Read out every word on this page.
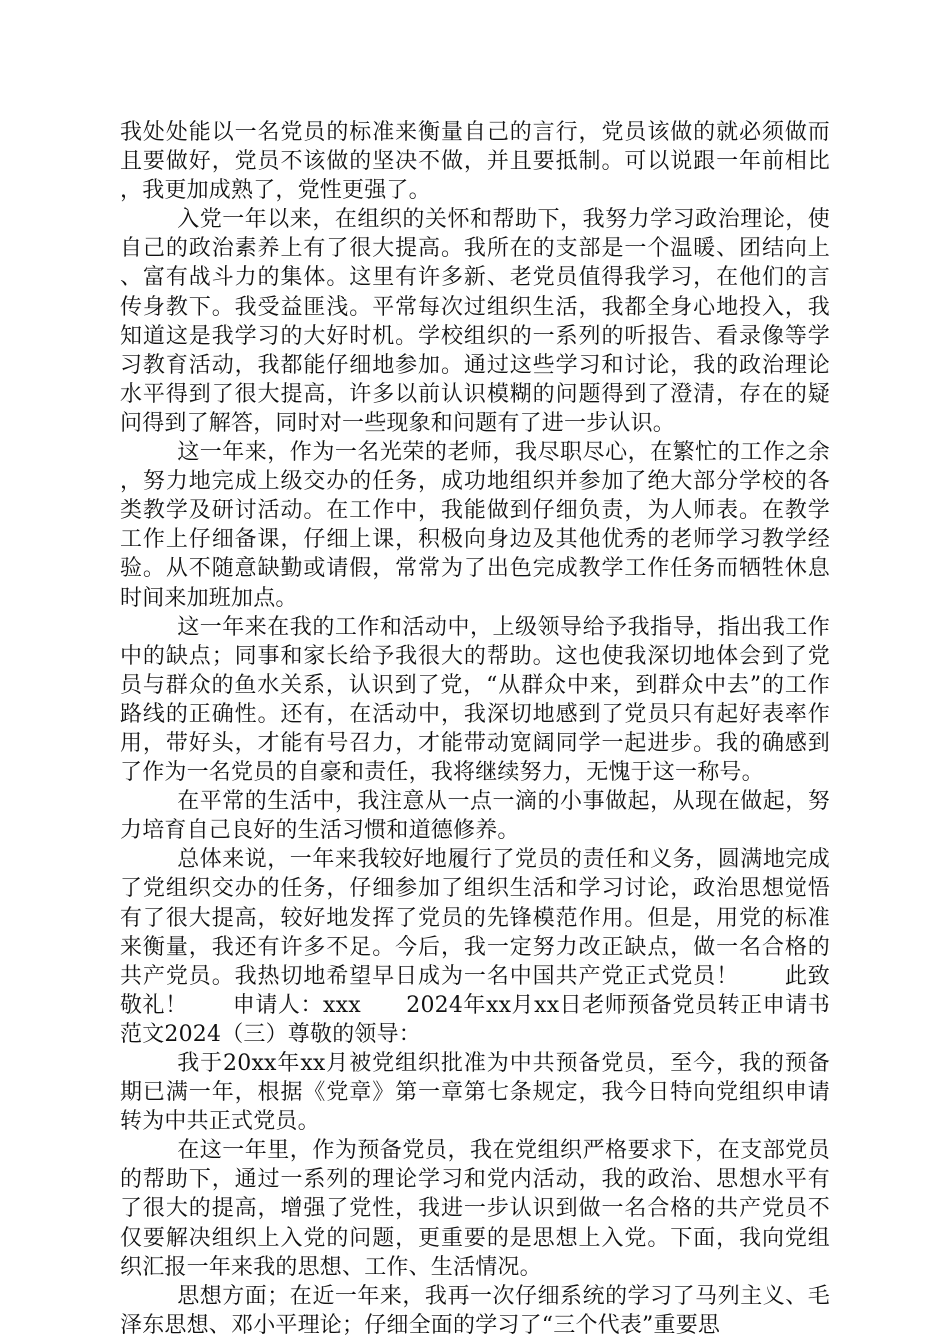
我处处能以一名党员的标准来衡量自己的言行，党员该做的就必须做而且要做好，党员不该做的坚决不做，并且要抵制。可以说跟一年前相比，我更加成熟了，党性更强了。

入党一年以来，在组织的关怀和帮助下，我努力学习政治理论，使自己的政治素养上有了很大提高。我所在的支部是一个温暖、团结向上、富有战斗力的集体。这里有许多新、老党员值得我学习，在他们的言传身教下。我受益匪浅。平常每次过组织生活，我都全身心地投入，我知道这是我学习的大好时机。学校组织的一系列的听报告、看录像等学习教育活动，我都能仔细地参加。通过这些学习和讨论，我的政治理论水平得到了很大提高，许多以前认识模糊的问题得到了澄清，存在的疑问得到了解答，同时对一些现象和问题有了进一步认识。

这一年来，作为一名光荣的老师，我尽职尽心，在繁忙的工作之余，努力地完成上级交办的任务，成功地组织并参加了绝大部分学校的各类教学及研讨活动。在工作中，我能做到仔细负责，为人师表。在教学工作上仔细备课，仔细上课，积极向身边及其他优秀的老师学习教学经验。从不随意缺勤或请假，常常为了出色完成教学工作任务而牺牲休息时间来加班加点。

这一年来在我的工作和活动中，上级领导给予我指导，指出我工作中的缺点；同事和家长给予我很大的帮助。这也使我深切地体会到了党员与群众的鱼水关系，认识到了党，“从群众中来，到群众中去”的工作路线的正确性。还有，在活动中，我深切地感到了党员只有起好表率作用，带好头，才能有号召力，才能带动宽阔同学一起进步。我的确感到了作为一名党员的自豪和责任，我将继续努力，无愧于这一称号。

在平常的生活中，我注意从一点一滴的小事做起，从现在做起，努力培育自己良好的生活习惯和道德修养。

总体来说，一年来我较好地履行了党员的责任和义务，圆满地完成了党组织交办的任务，仔细参加了组织生活和学习讨论，政治思想觉悟有了很大提高，较好地发挥了党员的先锋模范作用。但是，用党的标准来衡量，我还有许多不足。今后，我一定努力改正缺点，做一名合格的共产党员。我热切地希望早日成为一名中国共产党正式党员！　　此致敬礼！　　申请人：xxx　　2024年xx月xx日老师预备党员转正申请书范文2024（三）尊敬的领导：

我于20xx年xx月被党组织批准为中共预备党员，至今，我的预备期已满一年，根据《党章》第一章第七条规定，我今日特向党组织申请转为中共正式党员。

在这一年里，作为预备党员，我在党组织严格要求下，在支部党员的帮助下，通过一系列的理论学习和党内活动，我的政治、思想水平有了很大的提高，增强了党性，我进一步认识到做一名合格的共产党员不仅要解决组织上入党的问题，更重要的是思想上入党。下面，我向党组织汇报一年来我的思想、工作、生活情况。

思想方面；在近一年来，我再一次仔细系统的学习了马列主义、毛泽东思想、邓小平理论；仔细全面的学习了“三个代表”重要思
